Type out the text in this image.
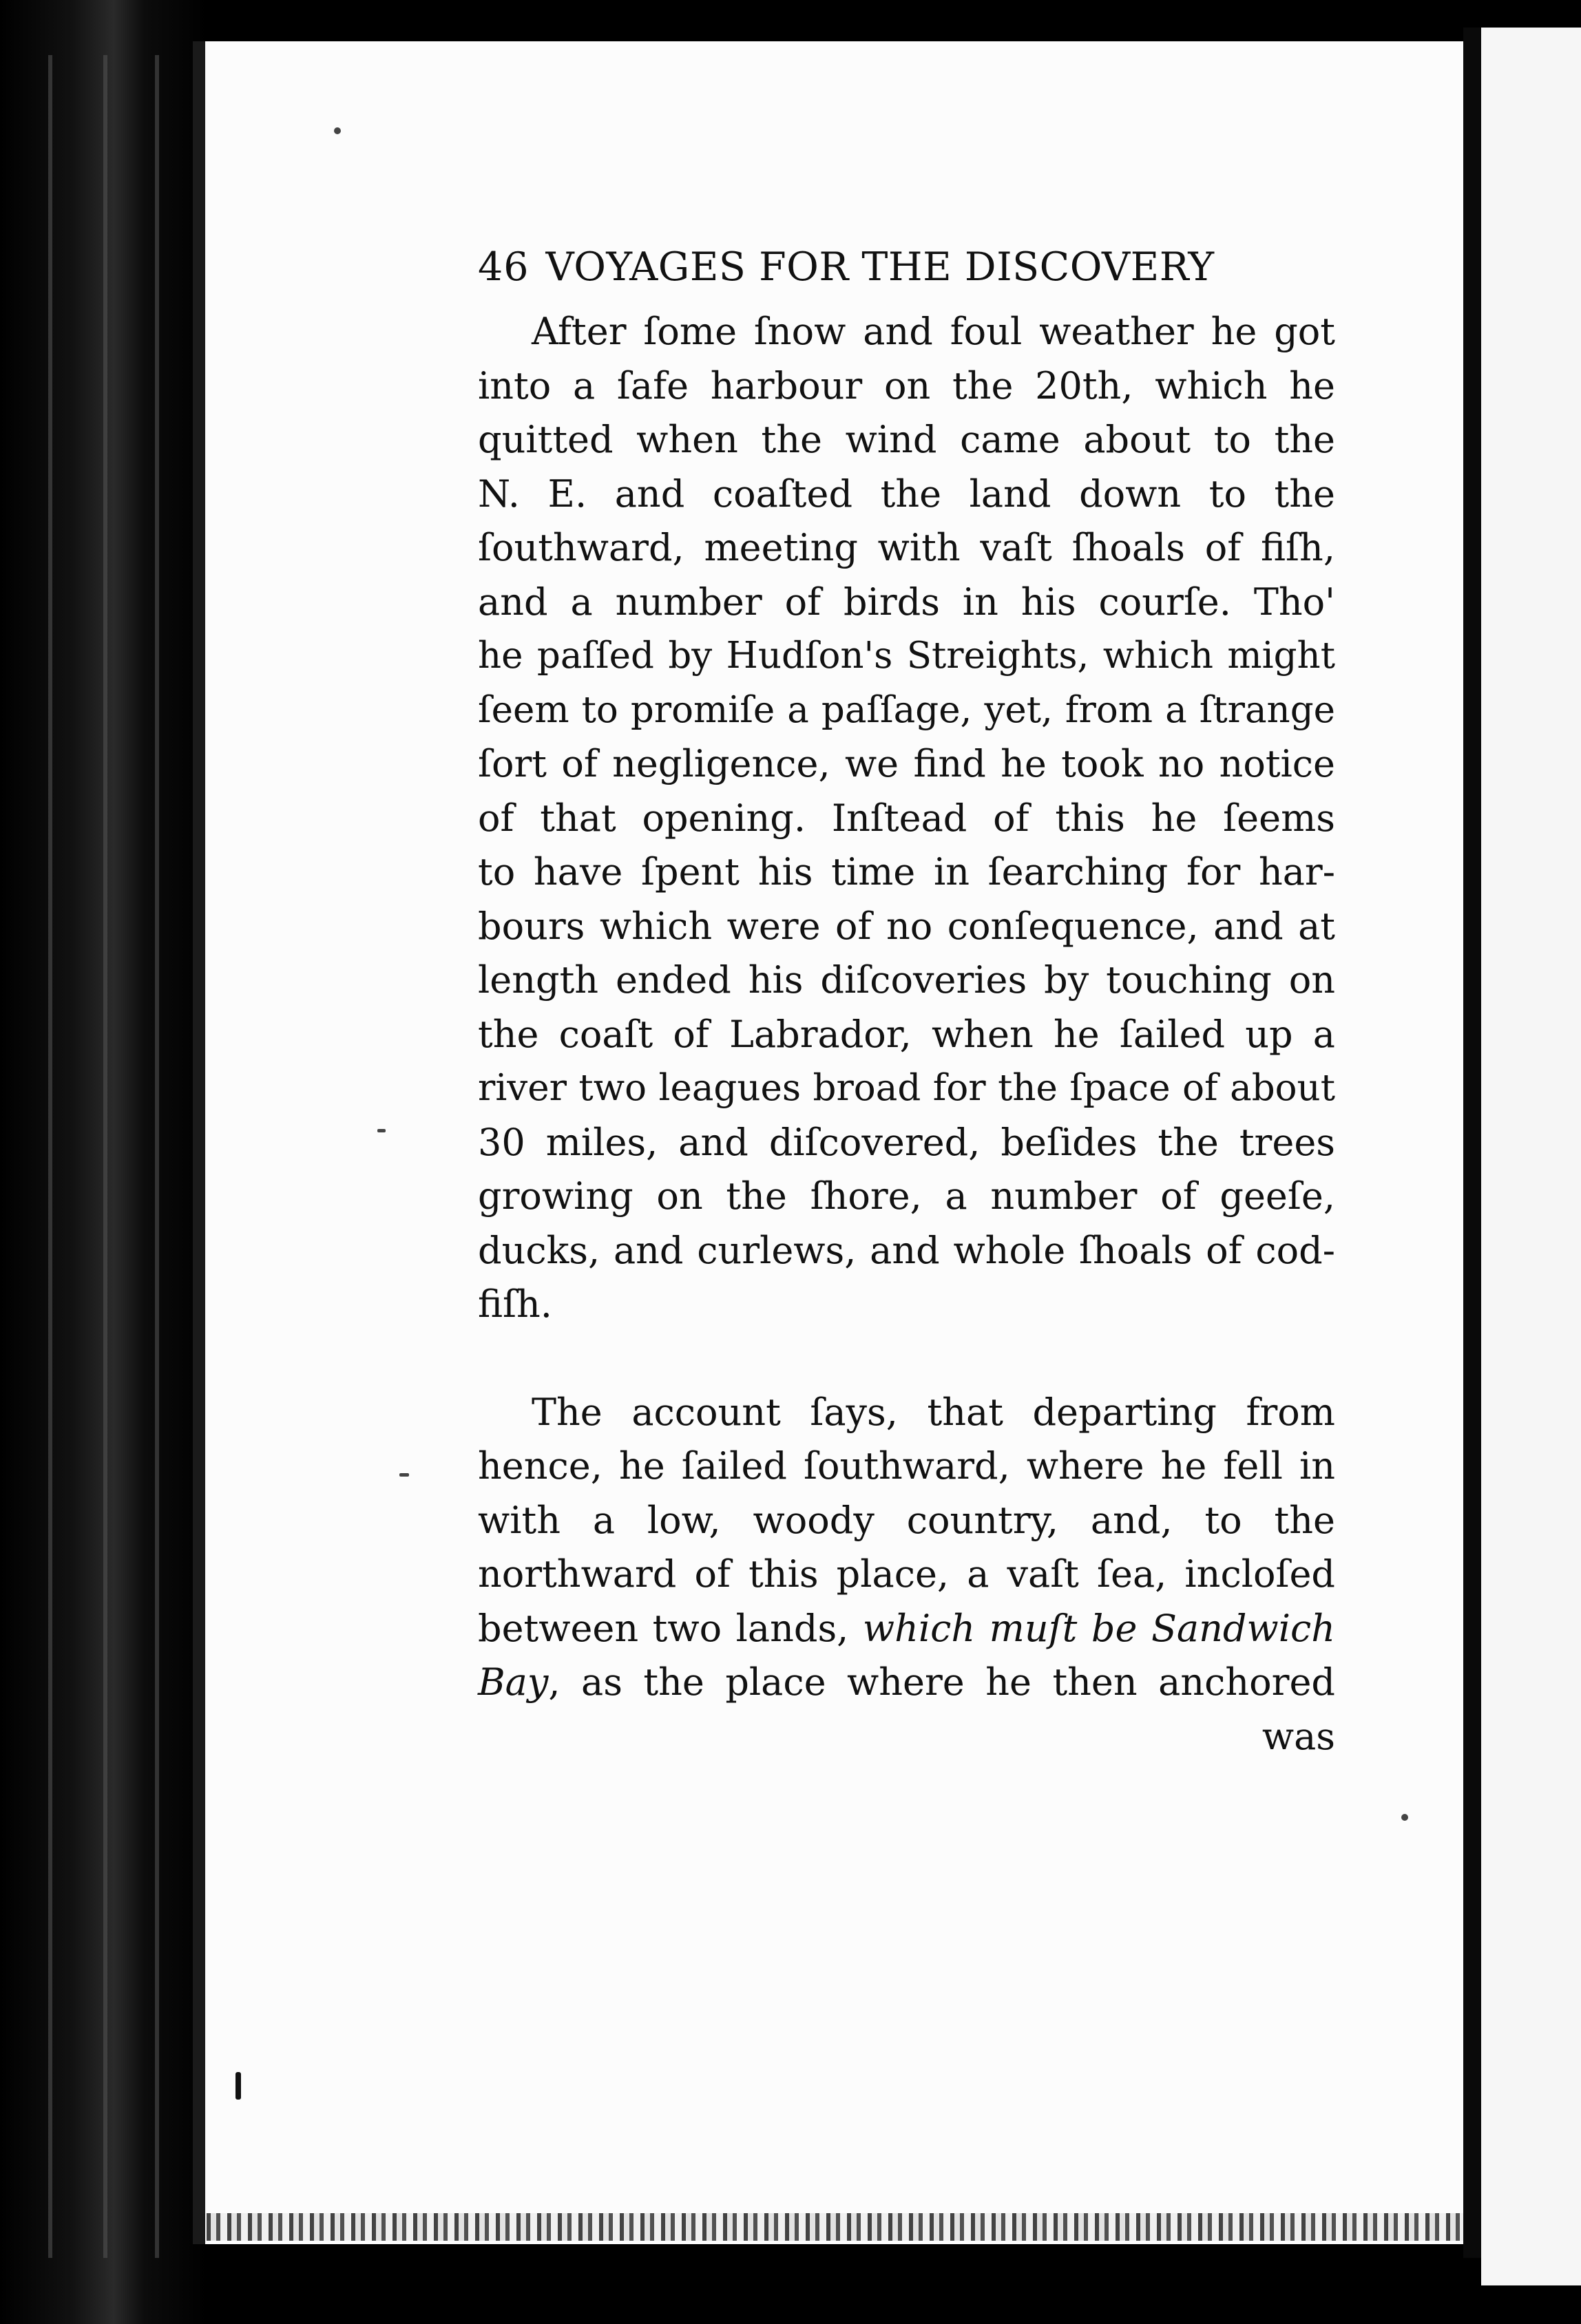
46 VOYAGES FOR THE DISCOVERY

After ſome ſnow and foul weather he got
into a ſafe harbour on the 20th, which he
quitted when the wind came about to the
N. E. and coaſted the land down to the
ſouthward, meeting with vaſt ſhoals of fiſh,
and a number of birds in his courſe. Tho'
he paſſed by Hudſon's Streights, which might
ſeem to promiſe a paſſage, yet, from a ſtrange
ſort of negligence, we find he took no notice
of that opening. Inſtead of this he ſeems
to have ſpent his time in ſearching for har-
bours which were of no conſequence, and at
length ended his diſcoveries by touching on
the coaſt of Labrador, when he ſailed up a
river two leagues broad for the ſpace of about
30 miles, and diſcovered, beſides the trees
growing on the ſhore, a number of geeſe,
ducks, and curlews, and whole ſhoals of cod-
fiſh.

The account ſays, that departing from
hence, he ſailed ſouthward, where he fell in
with a low, woody country, and, to the
northward of this place, a vaſt ſea, incloſed
between two lands, which muſt be Sandwich
Bay, as the place where he then anchored
was
